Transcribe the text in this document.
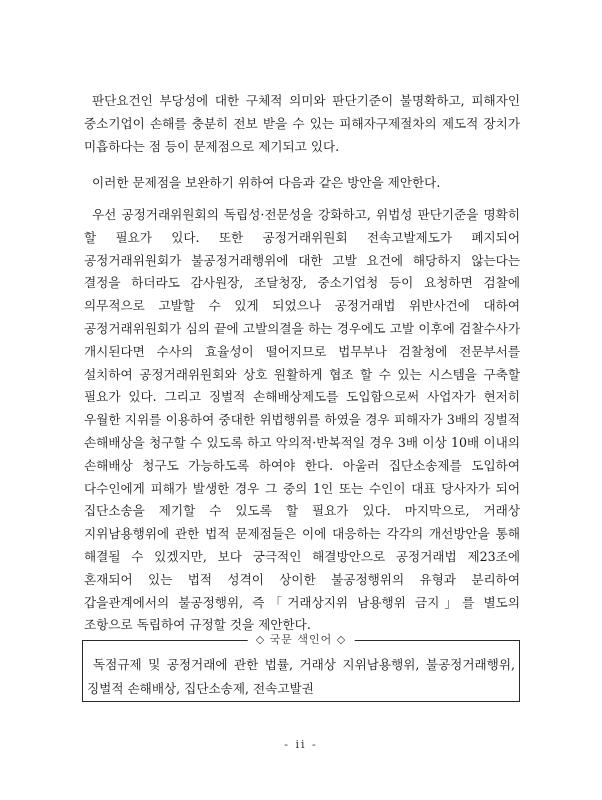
판단요건인 부당성에 대한 구체적 의미와 판단기준이 불명확하고, 피해자인 중소기업이 손해를 충분히 전보 받을 수 있는 피해자구제절차의 제도적 장치가 미흡하다는 점 등이 문제점으로 제기되고 있다.

이러한 문제점을 보완하기 위하여 다음과 같은 방안을 제안한다.

우선 공정거래위원회의 독립성·전문성을 강화하고, 위법성 판단기준을 명확히 할 필요가 있다. 또한 공정거래위원회 전속고발제도가 폐지되어 공정거래위원회가 불공정거래행위에 대한 고발 요건에 해당하지 않는다는 결정을 하더라도 감사원장, 조달청장, 중소기업청 등이 요청하면 검찰에 의무적으로 고발할 수 있게 되었으나 공정거래법 위반사건에 대하여 공정거래위원회가 심의 끝에 고발의결을 하는 경우에도 고발 이후에 검찰수사가 개시된다면 수사의 효율성이 떨어지므로 법무부나 검찰청에 전문부서를 설치하여 공정거래위원회와 상호 원활하게 협조 할 수 있는 시스템을 구축할 필요가 있다. 그리고 징벌적 손해배상제도를 도입함으로써 사업자가 현저히 우월한 지위를 이용하여 중대한 위법행위를 하였을 경우 피해자가 3배의 징벌적 손해배상을 청구할 수 있도록 하고 악의적·반복적일 경우 3배 이상 10배 이내의 손해배상 청구도 가능하도록 하여야 한다. 아울러 집단소송제를 도입하여 다수인에게 피해가 발생한 경우 그 중의 1인 또는 수인이 대표 당사자가 되어 집단소송을 제기할 수 있도록 할 필요가 있다. 마지막으로, 거래상 지위남용행위에 관한 법적 문제점들은 이에 대응하는 각각의 개선방안을 통해 해결될 수 있겠지만, 보다 궁극적인 해결방안으로 공정거래법 제23조에 혼재되어 있는 법적 성격이 상이한 불공정행위의 유형과 분리하여 갑을관계에서의 불공정행위, 즉「거래상지위 남용행위 금지」를 별도의 조항으로 독립하여 규정할 것을 제안한다.

◇ 국문 색인어 ◇

독점규제 및 공정거래에 관한 법률, 거래상 지위남용행위, 불공정거래행위, 징벌적 손해배상, 집단소송제, 전속고발권

- ii -
